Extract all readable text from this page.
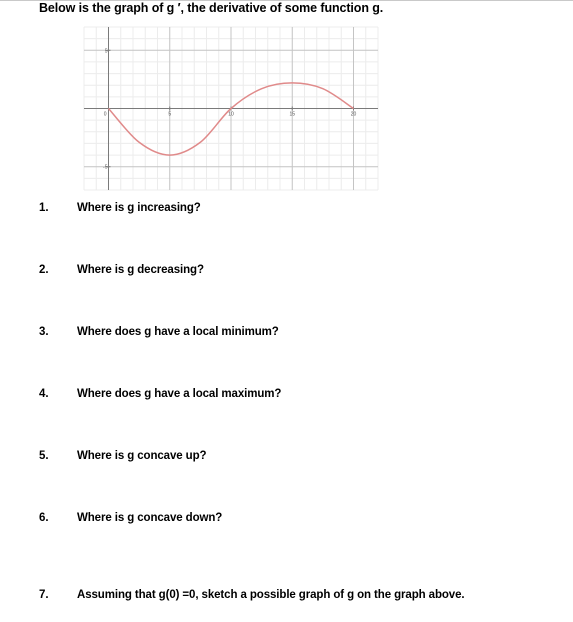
Below is the graph of g ′, the derivative of some function g.
0	5	10	15	20
5
-5
1. Where is g increasing?
2. Where is g decreasing?
3. Where does g have a local minimum?
4. Where does g have a local maximum?
5. Where is g concave up?
6. Where is g concave down?
7. Assuming that g(0) =0, sketch a possible graph of g on the graph above.
